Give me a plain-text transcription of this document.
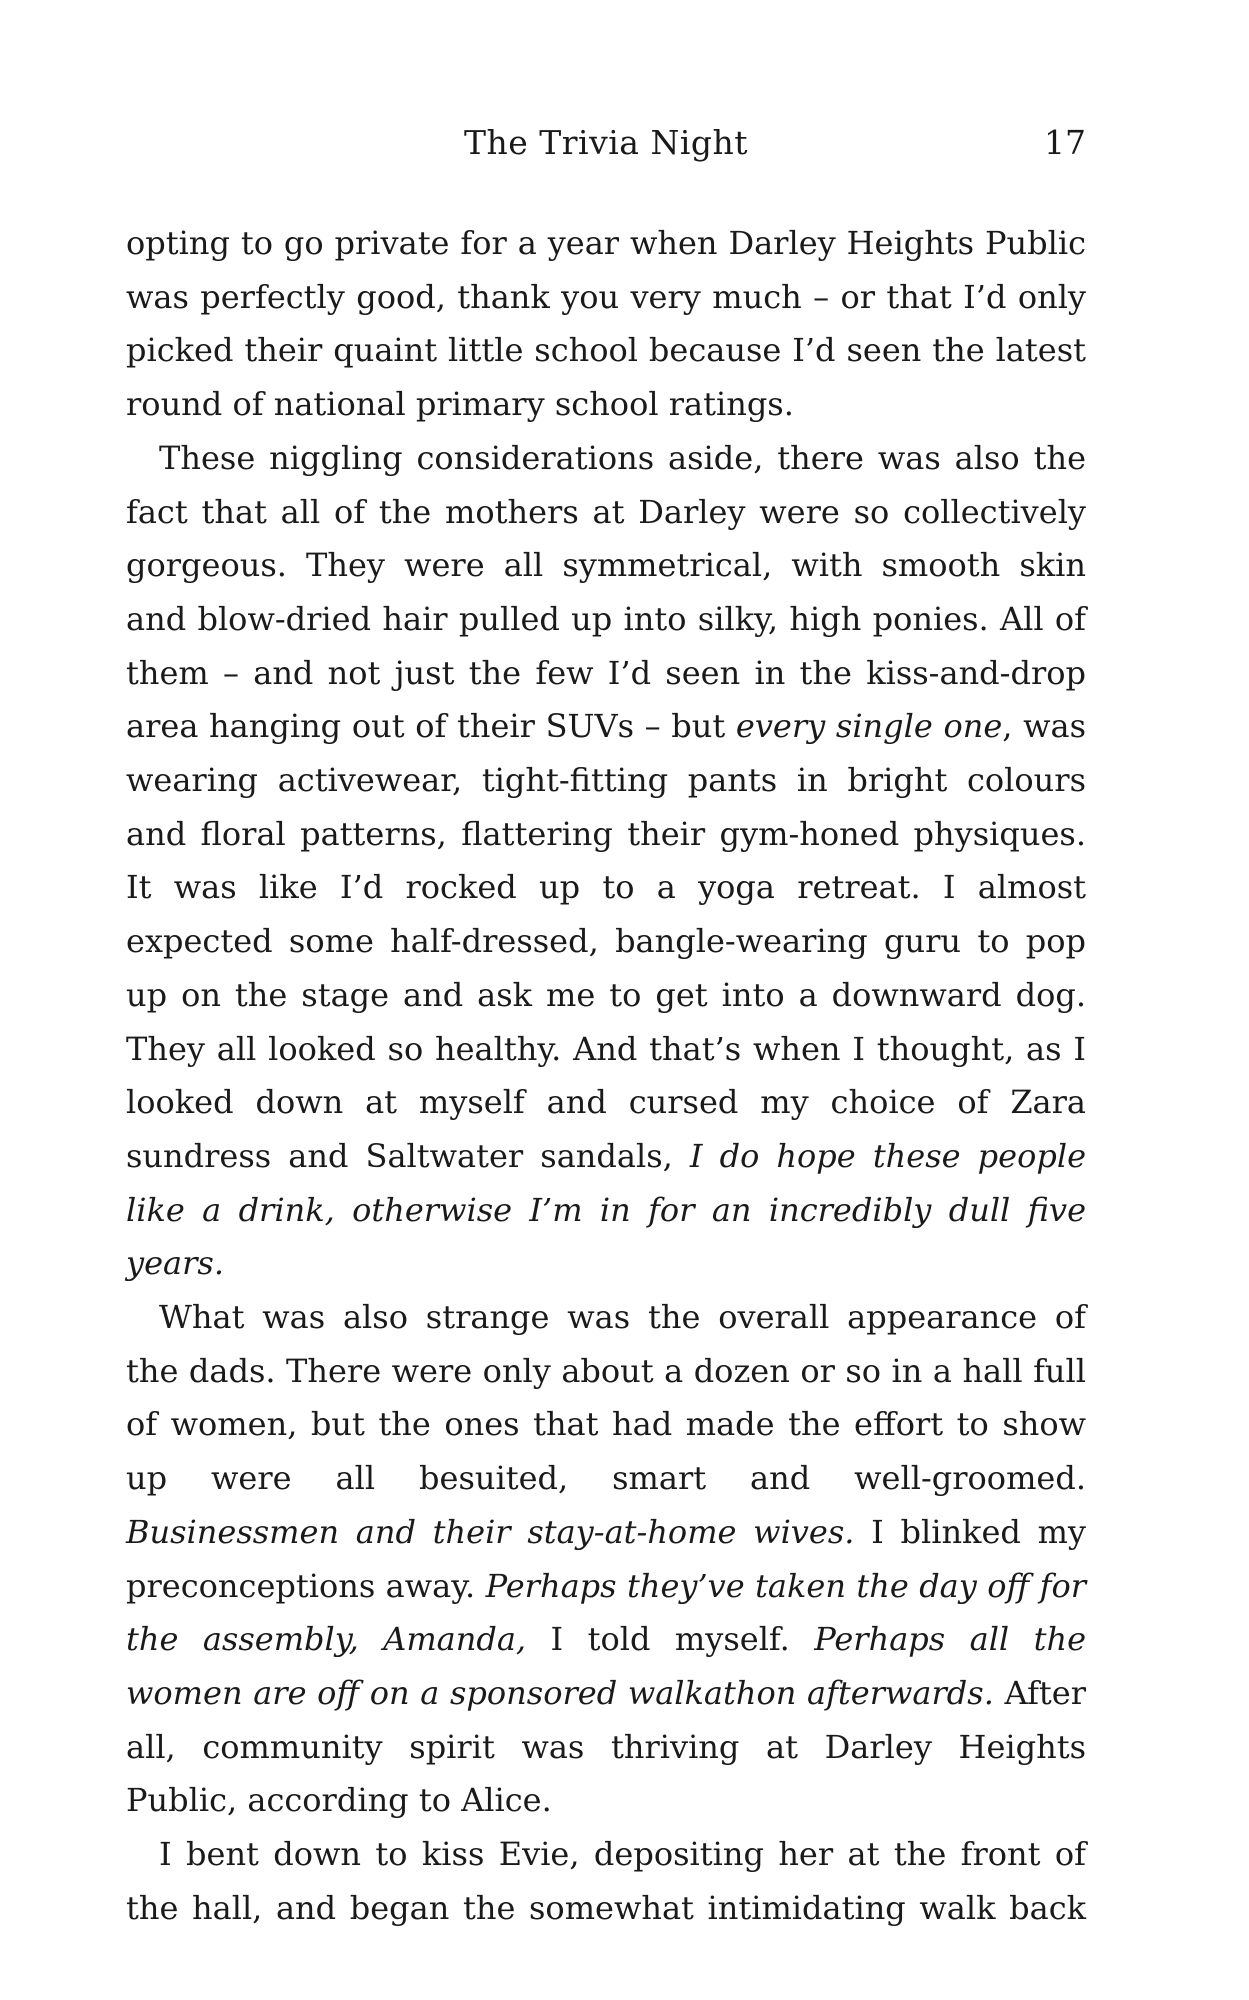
The Trivia Night	17

opting to go private for a year when Darley Heights Public was perfectly good, thank you very much – or that I’d only picked their quaint little school because I’d seen the latest round of national primary school ratings.

These niggling considerations aside, there was also the fact that all of the mothers at Darley were so collectively gorgeous. They were all symmetrical, with smooth skin and blow-dried hair pulled up into silky, high ponies. All of them – and not just the few I’d seen in the kiss-and-drop area hanging out of their SUVs – but every single one, was wearing activewear, tight-fitting pants in bright colours and floral patterns, flattering their gym-honed physiques. It was like I’d rocked up to a yoga retreat. I almost expected some half-dressed, bangle-wearing guru to pop up on the stage and ask me to get into a downward dog. They all looked so healthy. And that’s when I thought, as I looked down at myself and cursed my choice of Zara sundress and Saltwater sandals, I do hope these people like a drink, otherwise I’m in for an incredibly dull five years.

What was also strange was the overall appearance of the dads. There were only about a dozen or so in a hall full of women, but the ones that had made the effort to show up were all besuited, smart and well-groomed. Businessmen and their stay-at-home wives. I blinked my preconceptions away. Perhaps they’ve taken the day off for the assembly, Amanda, I told myself. Perhaps all the women are off on a sponsored walkathon afterwards. After all, community spirit was thriving at Darley Heights Public, according to Alice.

I bent down to kiss Evie, depositing her at the front of the hall, and began the somewhat intimidating walk back
